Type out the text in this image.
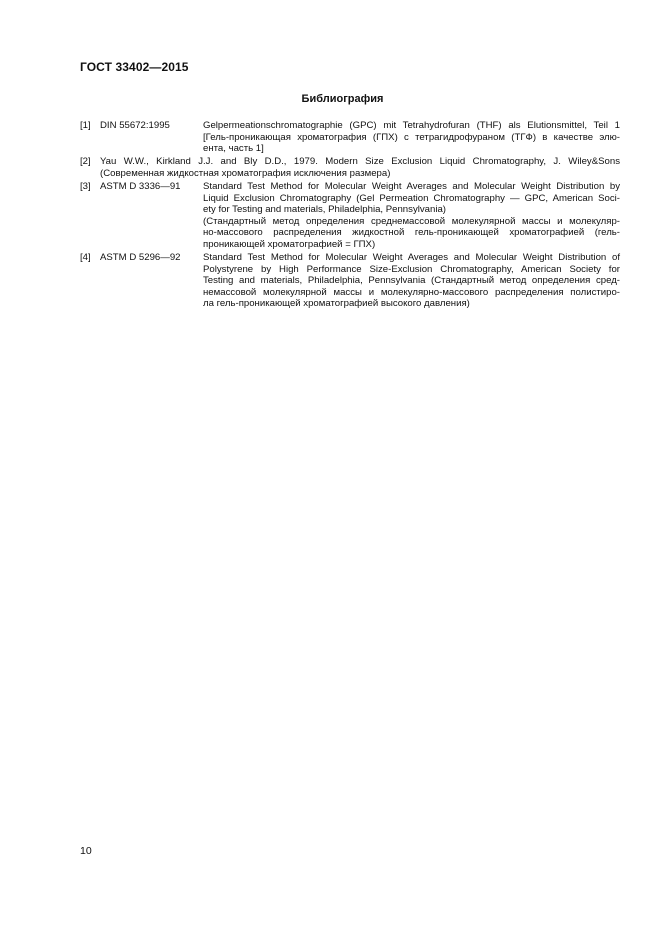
ГОСТ 33402—2015
Библиография
[1] DIN 55672:1995	Gelpermeationschromatographie (GPC) mit Tetrahydrofuran (THF) als Elutionsmittel, Teil 1
[Гель-проникающая хроматография (ГПХ) с тетрагидрофураном (ТГФ) в качестве элю-
ента, часть 1]
[2] Yau W.W., Kirkland J.J. and Bly D.D., 1979. Modern Size Exclusion Liquid Chromatography, J. Wiley&Sons
(Современная жидкостная хроматография исключения размера)
[3] ASTM D 3336—91 Standard Test Method for Molecular Weight Averages and Molecular Weight Distribution by
Liquid Exclusion Chromatography (Gel Permeation Chromatography — GPC, American Soci-
ety for Testing and materials, Philadelphia, Pennsylvania)
(Стандартный метод определения среднемассовой молекулярной массы и молекуляр-
но-массового распределения жидкостной гель-проникающей хроматографией (гель-
проникающей хроматографией = ГПХ)
[4] ASTM D 5296—92 Standard Test Method for Molecular Weight Averages and Molecular Weight Distribution of
Polystyrene by High Performance Size-Exclusion Chromatography, American Society for
Testing and materials, Philadelphia, Pennsylvania (Стандартный метод определения сред-
немассовой молекулярной массы и молекулярно-массового распределения полистиро-
ла гель-проникающей хроматографией высокого давления)
10
